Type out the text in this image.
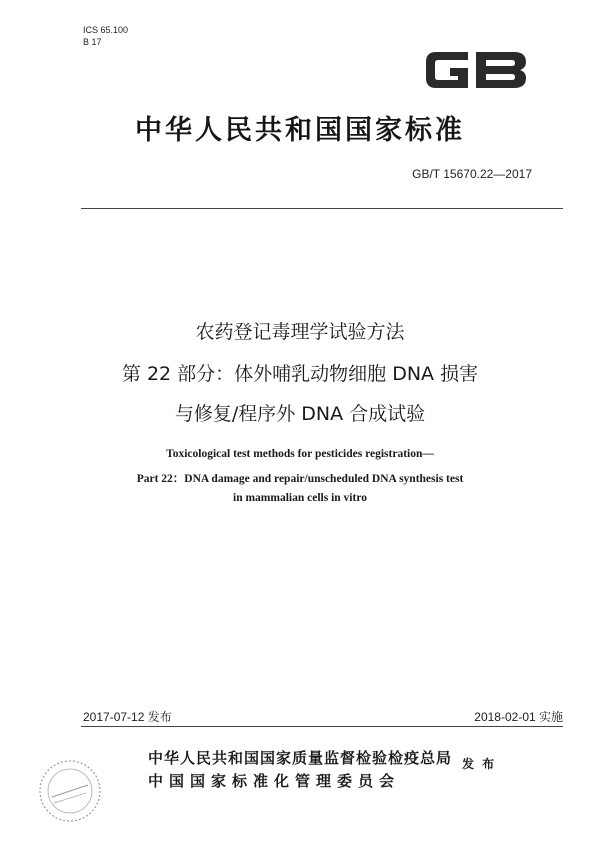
ICS 65.100
B 17
中华人民共和国国家标准
GB/T 15670.22—2017
农药登记毒理学试验方法
第 22 部分：体外哺乳动物细胞 DNA 损害
与修复/程序外 DNA 合成试验
Toxicological test methods for pesticides registration—
Part 22：DNA damage and repair/unscheduled DNA synthesis test
in mammalian cells in vitro
2017-07-12 发布	2018-02-01 实施
中华人民共和国国家质量监督检验检疫总局
中国国家标准化管理委员会
发 布
